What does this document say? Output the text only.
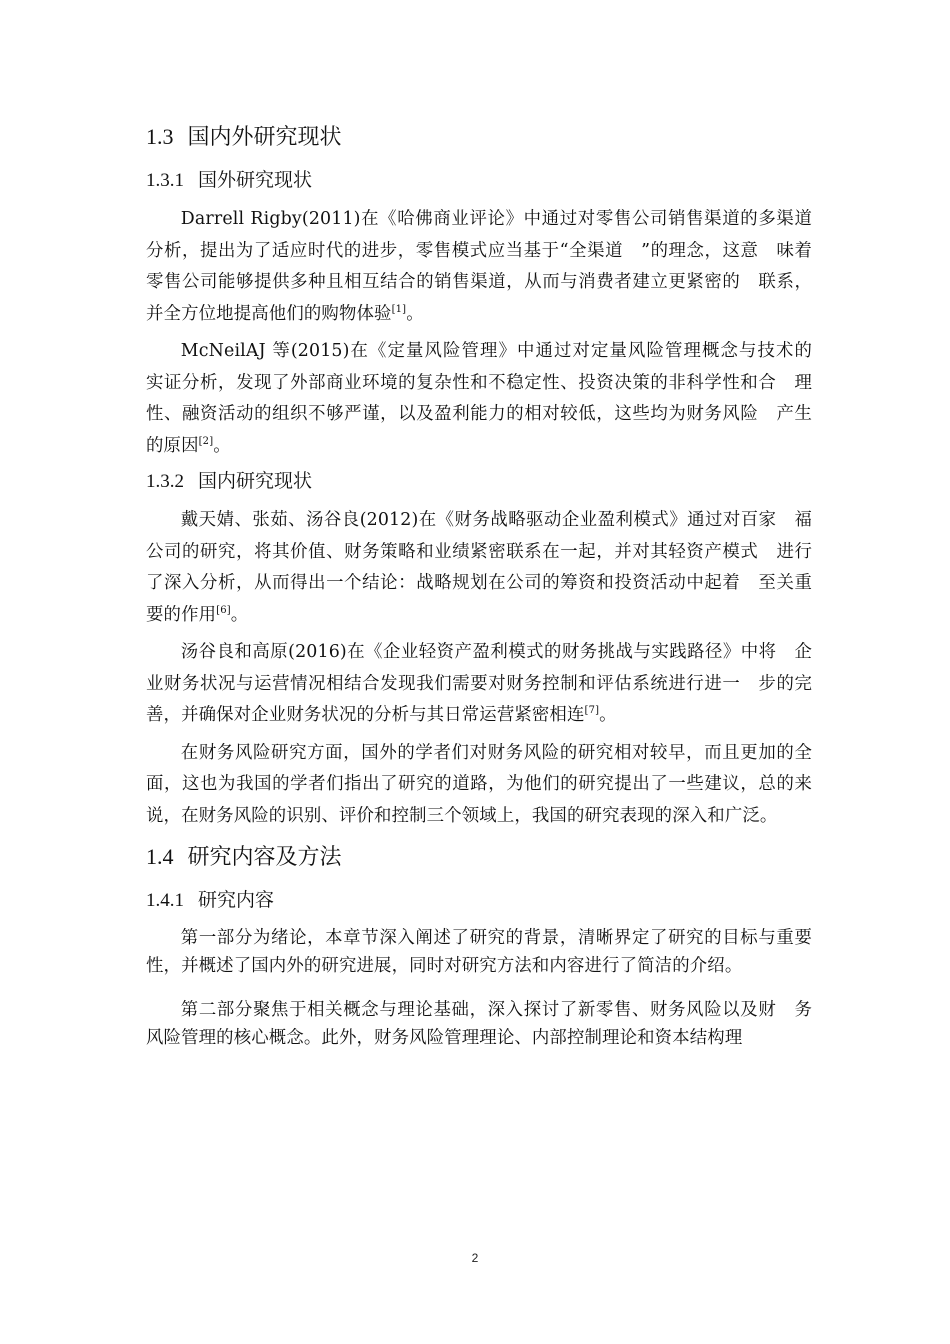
1.3 国内外研究现状
1.3.1 国外研究现状

Darrell Rigby(2011)在《哈佛商业评论》中通过对零售公司销售渠道的多渠道分析，提出为了适应时代的进步，零售模式应当基于“全渠道　”的理念，这意　味着零售公司能够提供多种且相互结合的销售渠道，从而与消费者建立更紧密的　联系，并全方位地提高他们的购物体验[1]。

McNeilAJ 等(2015)在《定量风险管理》中通过对定量风险管理概念与技术的　实证分析，发现了外部商业环境的复杂性和不稳定性、投资决策的非科学性和合　理性、融资活动的组织不够严谨，以及盈利能力的相对较低，这些均为财务风险　产生的原因[2]。

1.3.2 国内研究现状

戴天婧、张茹、汤谷良(2012)在《财务战略驱动企业盈利模式》通过对百家　福公司的研究，将其价值、财务策略和业绩紧密联系在一起，并对其轻资产模式　进行了深入分析，从而得出一个结论：战略规划在公司的筹资和投资活动中起着　至关重要的作用[6]。

汤谷良和高原(2016)在《企业轻资产盈利模式的财务挑战与实践路径》中将　企业财务状况与运营情况相结合发现我们需要对财务控制和评估系统进行进一　步的完善，并确保对企业财务状况的分析与其日常运营紧密相连[7]。

在财务风险研究方面，国外的学者们对财务风险的研究相对较早，而且更加的全面，这也为我国的学者们指出了研究的道路，为他们的研究提出了一些建议，总的来说，在财务风险的识别、评价和控制三个领域上，我国的研究表现的深入和广泛。

1.4 研究内容及方法
1.4.1 研究内容

第一部分为绪论，本章节深入阐述了研究的背景，清晰界定了研究的目标与重要性，并概述了国内外的研究进展，同时对研究方法和内容进行了简洁的介绍。

第二部分聚焦于相关概念与理论基础，深入探讨了新零售、财务风险以及财　务风险管理的核心概念。此外，财务风险管理理论、内部控制理论和资本结构理

2
